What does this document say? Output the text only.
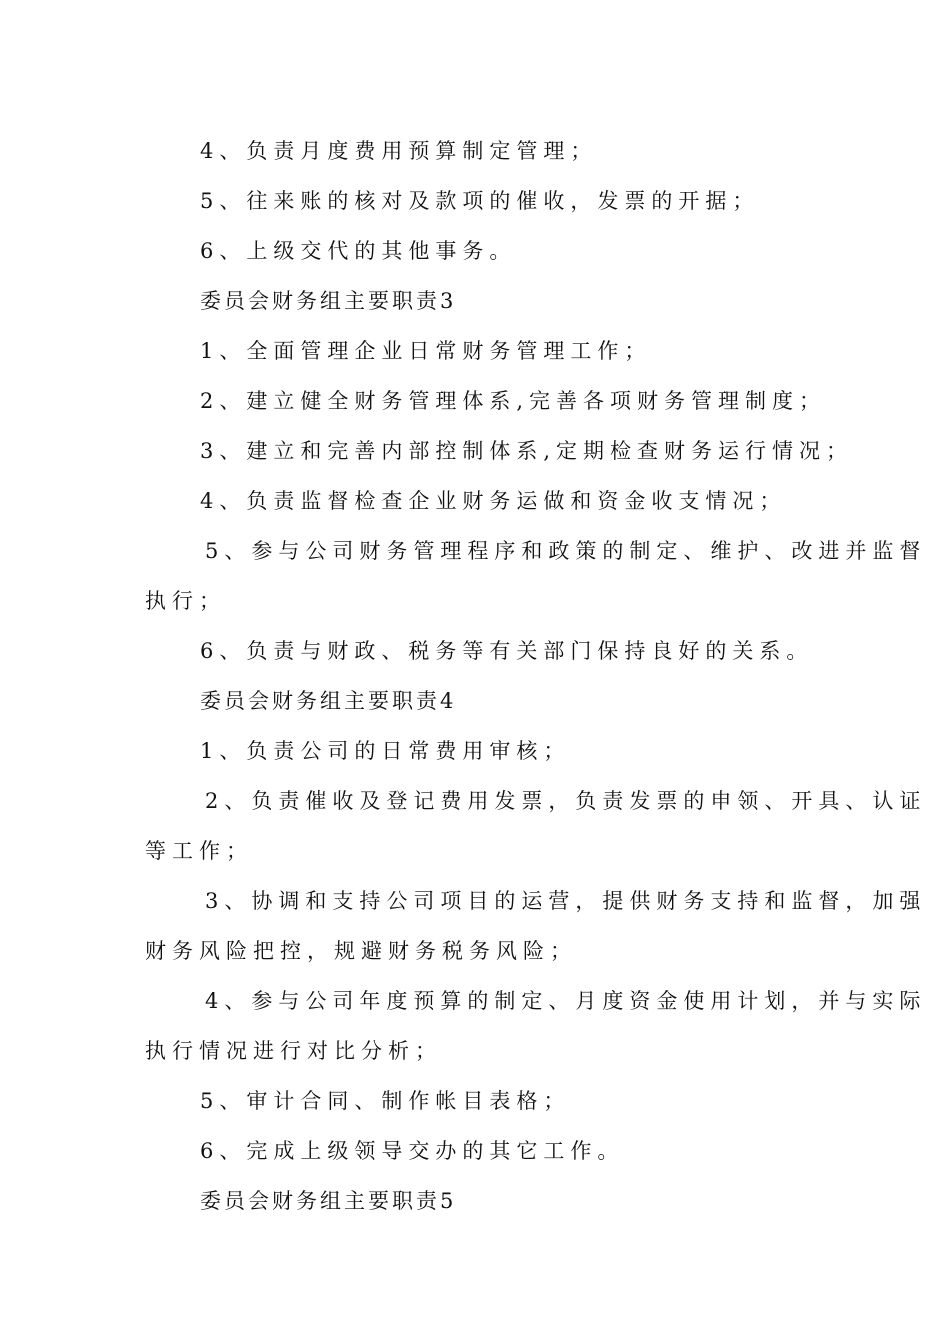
4、负责月度费用预算制定管理；
5、往来账的核对及款项的催收，发票的开据；
6、上级交代的其他事务。
委员会财务组主要职责3
1、全面管理企业日常财务管理工作；
2、建立健全财务管理体系,完善各项财务管理制度；
3、建立和完善内部控制体系,定期检查财务运行情况；
4、负责监督检查企业财务运做和资金收支情况；
5、参与公司财务管理程序和政策的制定、维护、改进并监督
执行；
6、负责与财政、税务等有关部门保持良好的关系。
委员会财务组主要职责4
1、负责公司的日常费用审核；
2、负责催收及登记费用发票，负责发票的申领、开具、认证
等工作；
3、协调和支持公司项目的运营，提供财务支持和监督，加强
财务风险把控，规避财务税务风险；
4、参与公司年度预算的制定、月度资金使用计划，并与实际
执行情况进行对比分析；
5、审计合同、制作帐目表格；
6、完成上级领导交办的其它工作。
委员会财务组主要职责5
